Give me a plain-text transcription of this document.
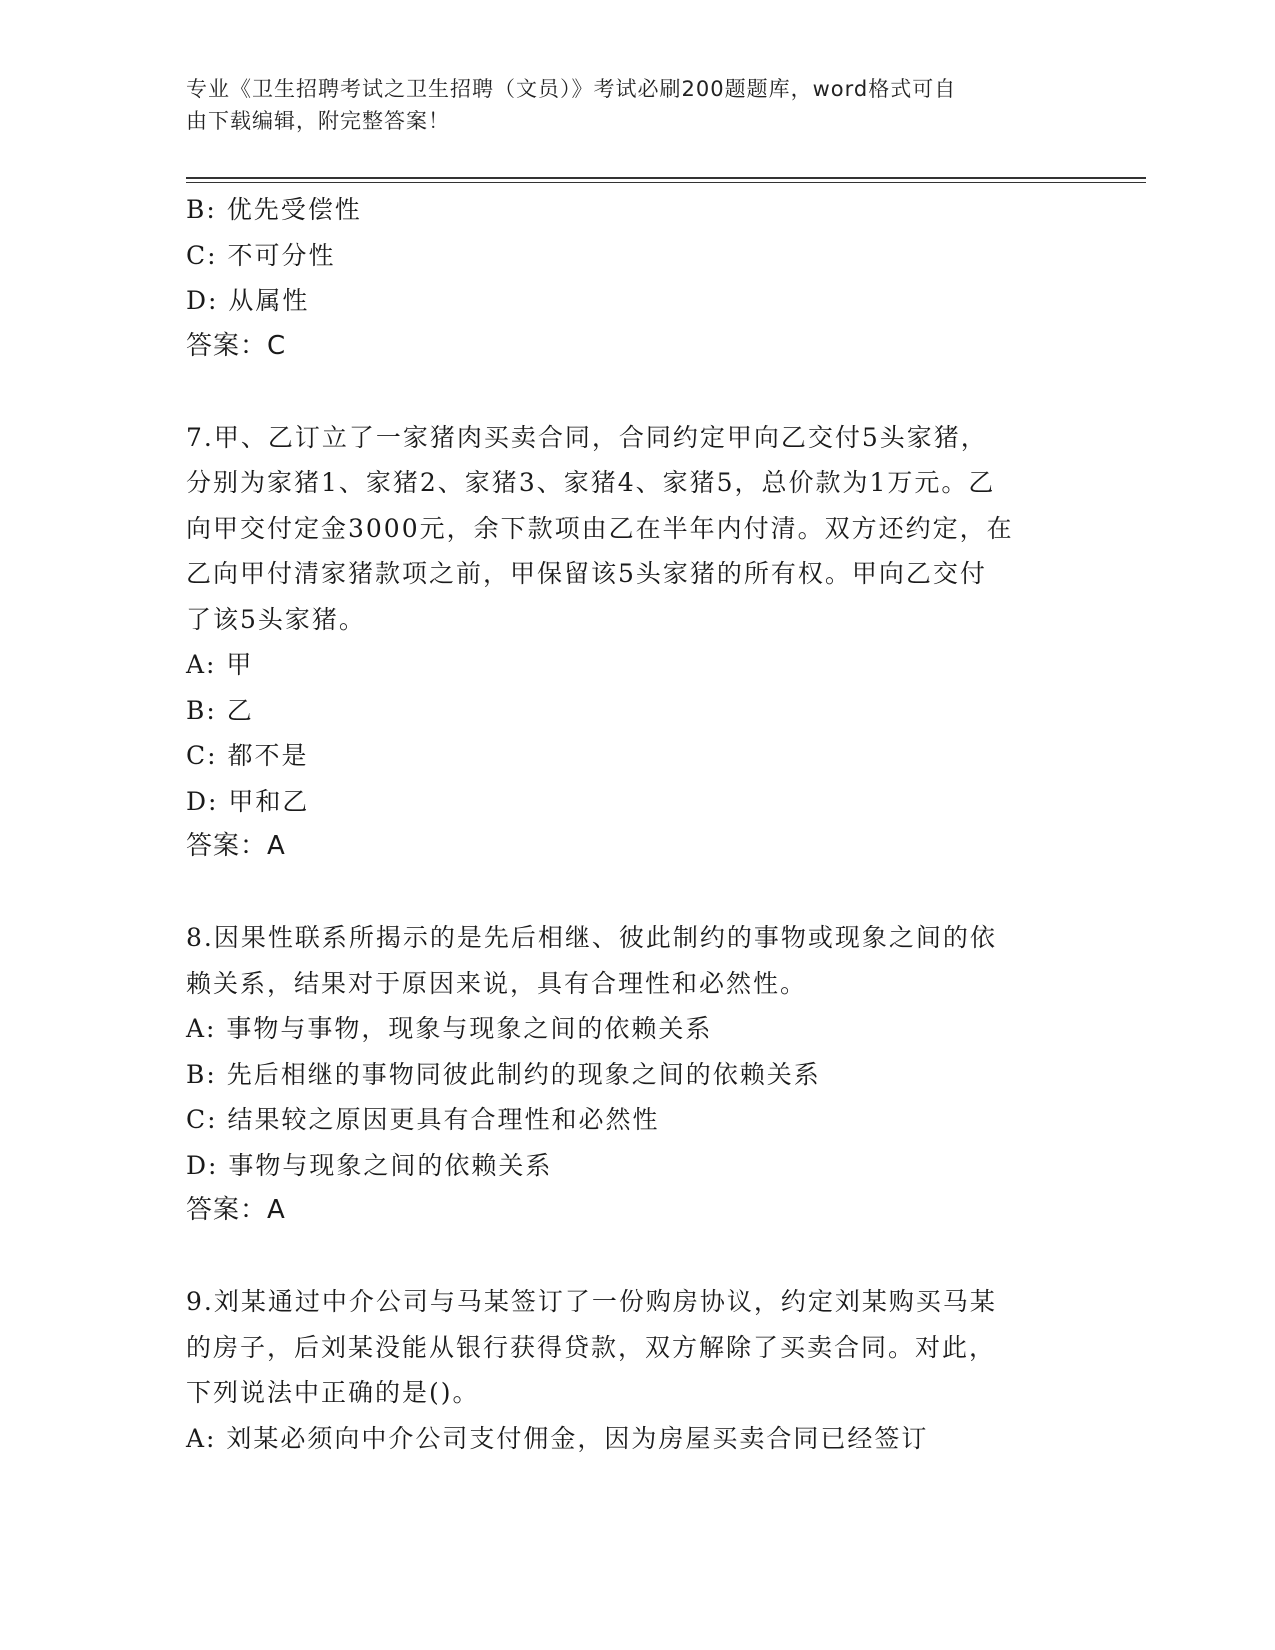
专业《卫生招聘考试之卫生招聘（文员）》考试必刷200题题库，word格式可自
由下载编辑，附完整答案！
B: 优先受偿性
C: 不可分性
D: 从属性
答案：C
7.甲、乙订立了一家猪肉买卖合同，合同约定甲向乙交付5头家猪，
分别为家猪1、家猪2、家猪3、家猪4、家猪5，总价款为1万元。乙
向甲交付定金3000元，余下款项由乙在半年内付清。双方还约定，在
乙向甲付清家猪款项之前，甲保留该5头家猪的所有权。甲向乙交付
了该5头家猪。
A: 甲
B: 乙
C: 都不是
D: 甲和乙
答案：A
8.因果性联系所揭示的是先后相继、彼此制约的事物或现象之间的依
赖关系，结果对于原因来说，具有合理性和必然性。
A: 事物与事物，现象与现象之间的依赖关系
B: 先后相继的事物同彼此制约的现象之间的依赖关系
C: 结果较之原因更具有合理性和必然性
D: 事物与现象之间的依赖关系
答案：A
9.刘某通过中介公司与马某签订了一份购房协议，约定刘某购买马某
的房子，后刘某没能从银行获得贷款，双方解除了买卖合同。对此，
下列说法中正确的是()。
A: 刘某必须向中介公司支付佣金，因为房屋买卖合同已经签订
